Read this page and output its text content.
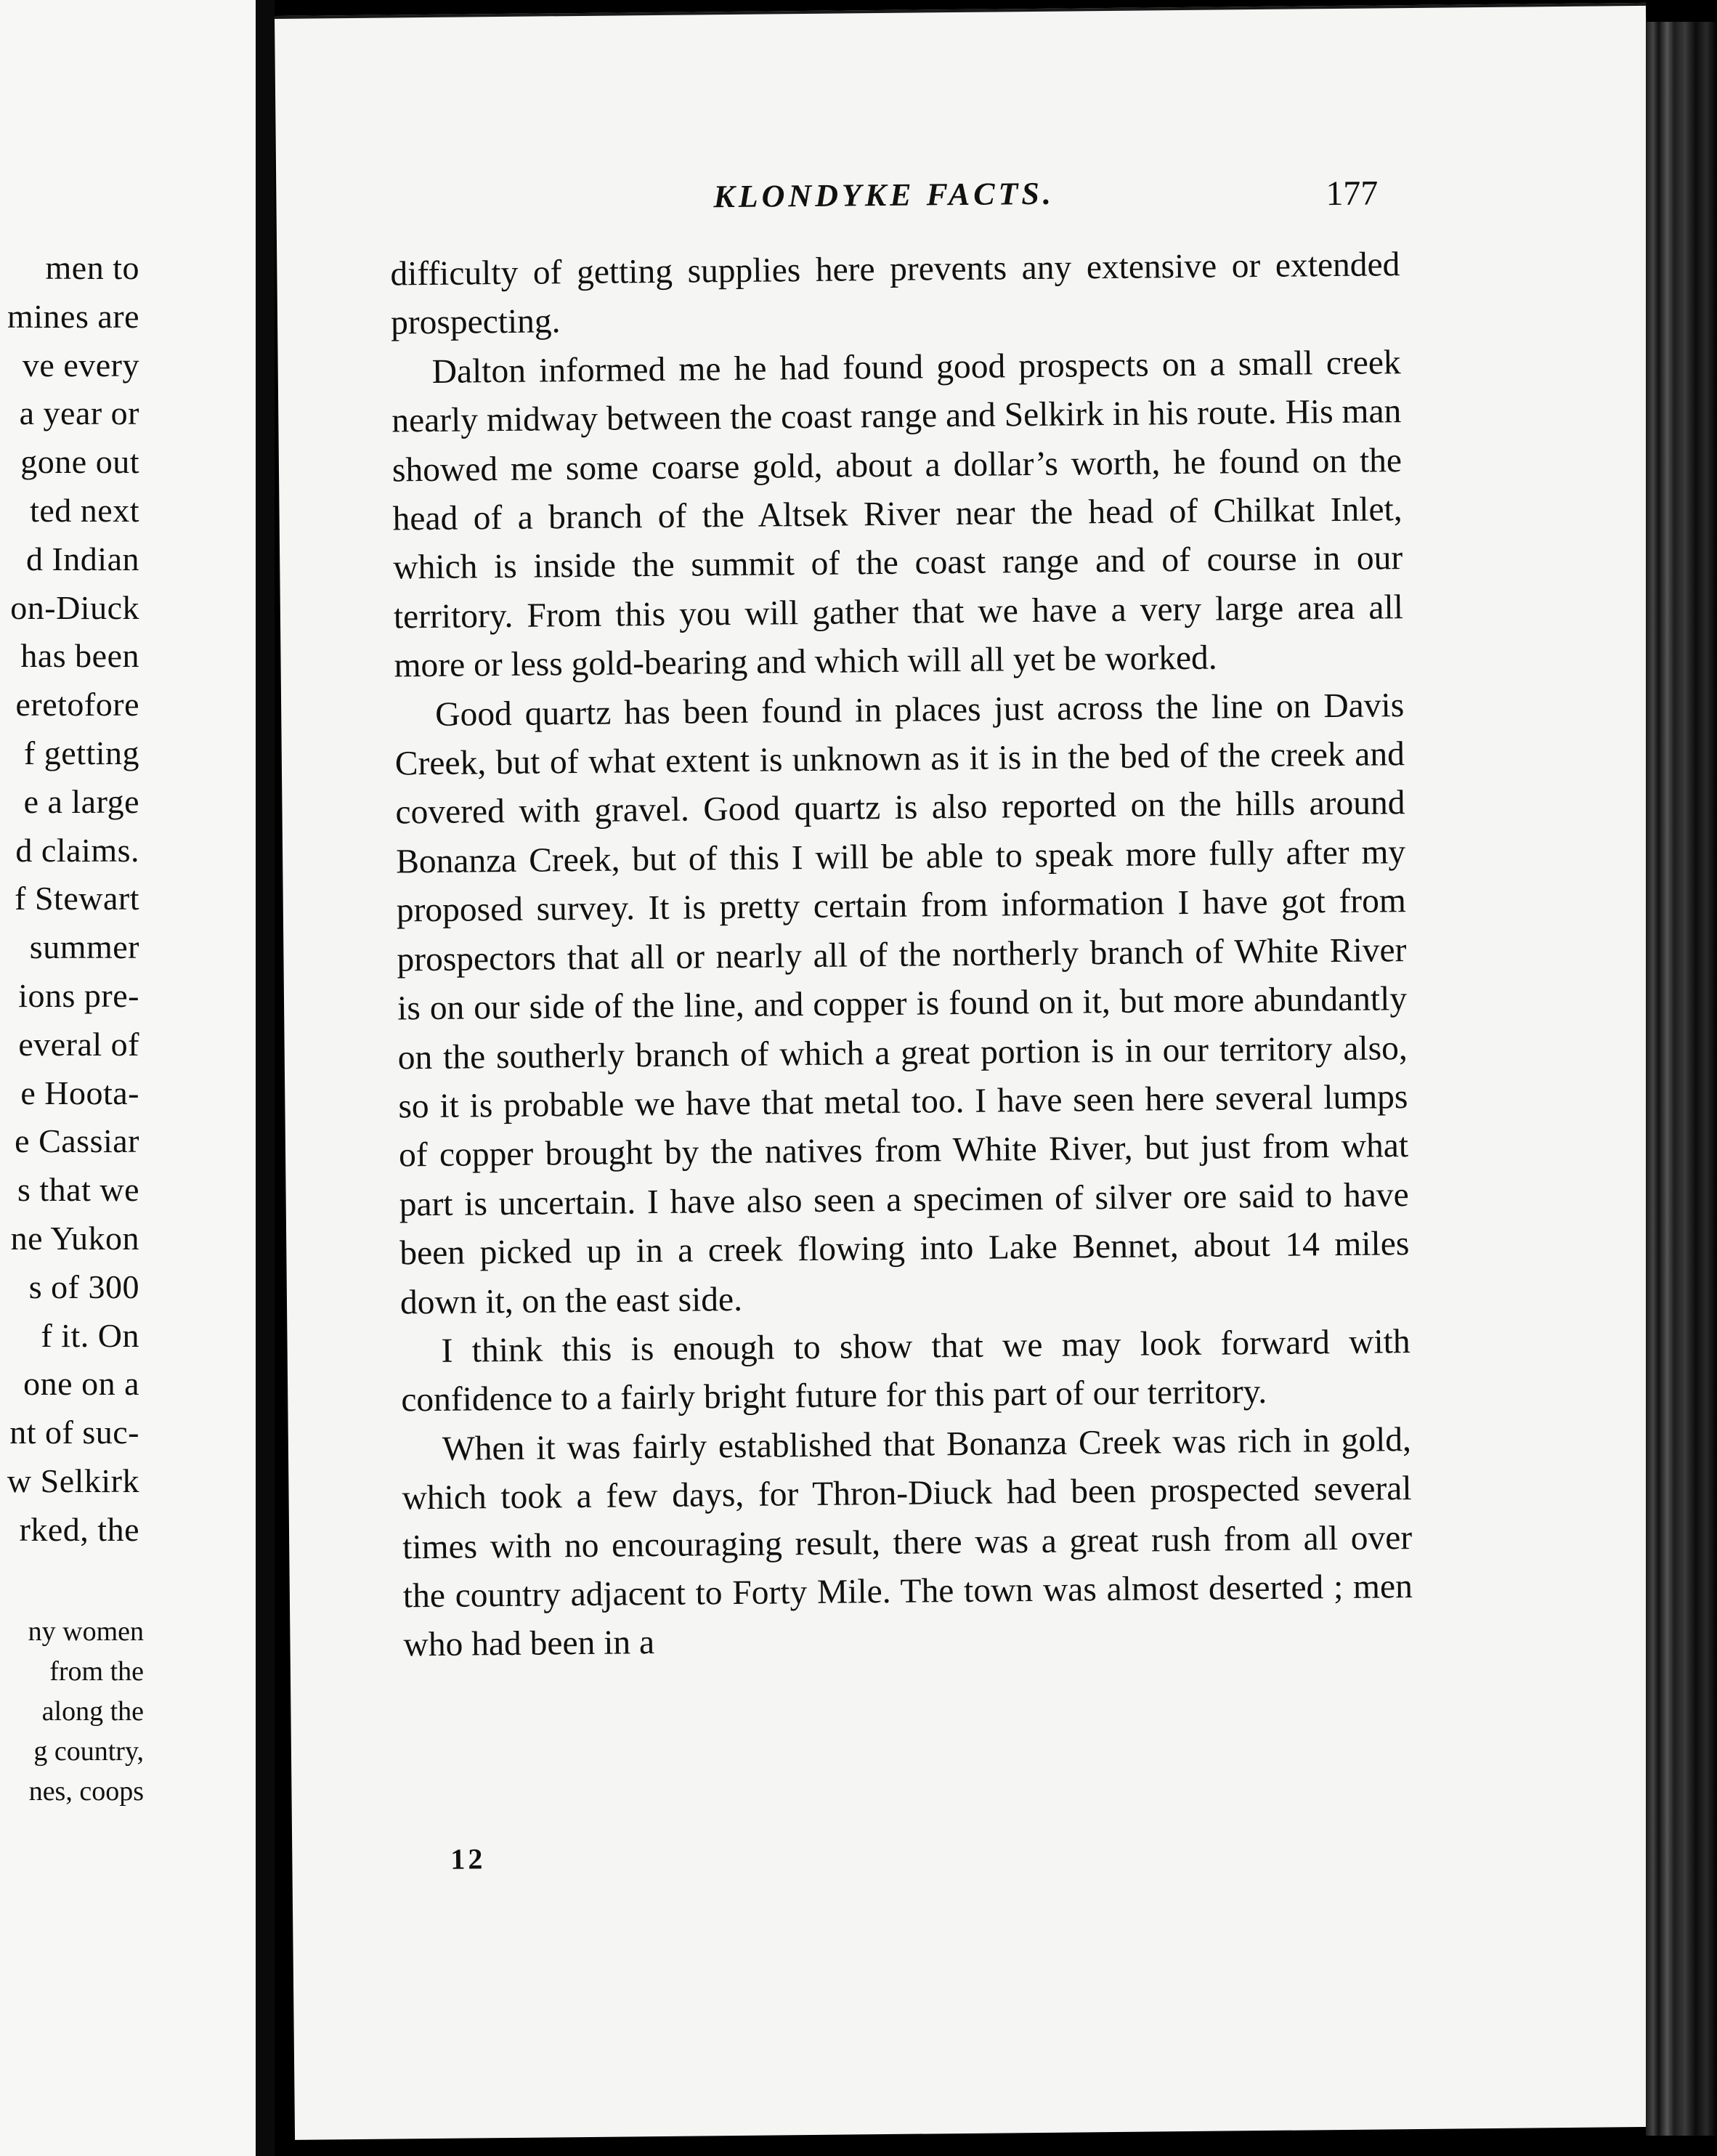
men to
mines are
ve every
a year or
gone out
ted next
d Indian
on-Diuck
has been
eretofore
f getting
e a large
d claims.
f Stewart
summer
ions pre-
everal of
e Hoota-
e Cassiar
s that we
ne Yukon
s of 300
f it. On
one on a
nt of suc-
w Selkirk
rked, the
ny women
from the
along the
g country,
nes, coops
KLONDYKE FACTS.	177

difficulty of getting supplies here prevents any extensive or extended prospecting.

Dalton informed me he had found good prospects on a small creek nearly midway between the coast range and Selkirk in his route. His man showed me some coarse gold, about a dollar’s worth, he found on the head of a branch of the Altsek River near the head of Chilkat Inlet, which is inside the summit of the coast range and of course in our territory. From this you will gather that we have a very large area all more or less gold-bearing and which will all yet be worked.

Good quartz has been found in places just across the line on Davis Creek, but of what extent is unknown as it is in the bed of the creek and covered with gravel. Good quartz is also reported on the hills around Bonanza Creek, but of this I will be able to speak more fully after my proposed survey. It is pretty certain from information I have got from prospectors that all or nearly all of the northerly branch of White River is on our side of the line, and copper is found on it, but more abundantly on the southerly branch of which a great portion is in our territory also, so it is probable we have that metal too. I have seen here several lumps of copper brought by the natives from White River, but just from what part is uncertain. I have also seen a specimen of silver ore said to have been picked up in a creek flowing into Lake Bennet, about 14 miles down it, on the east side.

I think this is enough to show that we may look forward with confidence to a fairly bright future for this part of our territory.

When it was fairly established that Bonanza Creek was rich in gold, which took a few days, for Thron-Diuck had been prospected several times with no encouraging result, there was a great rush from all over the country adjacent to Forty Mile. The town was almost deserted ; men who had been in a

12
